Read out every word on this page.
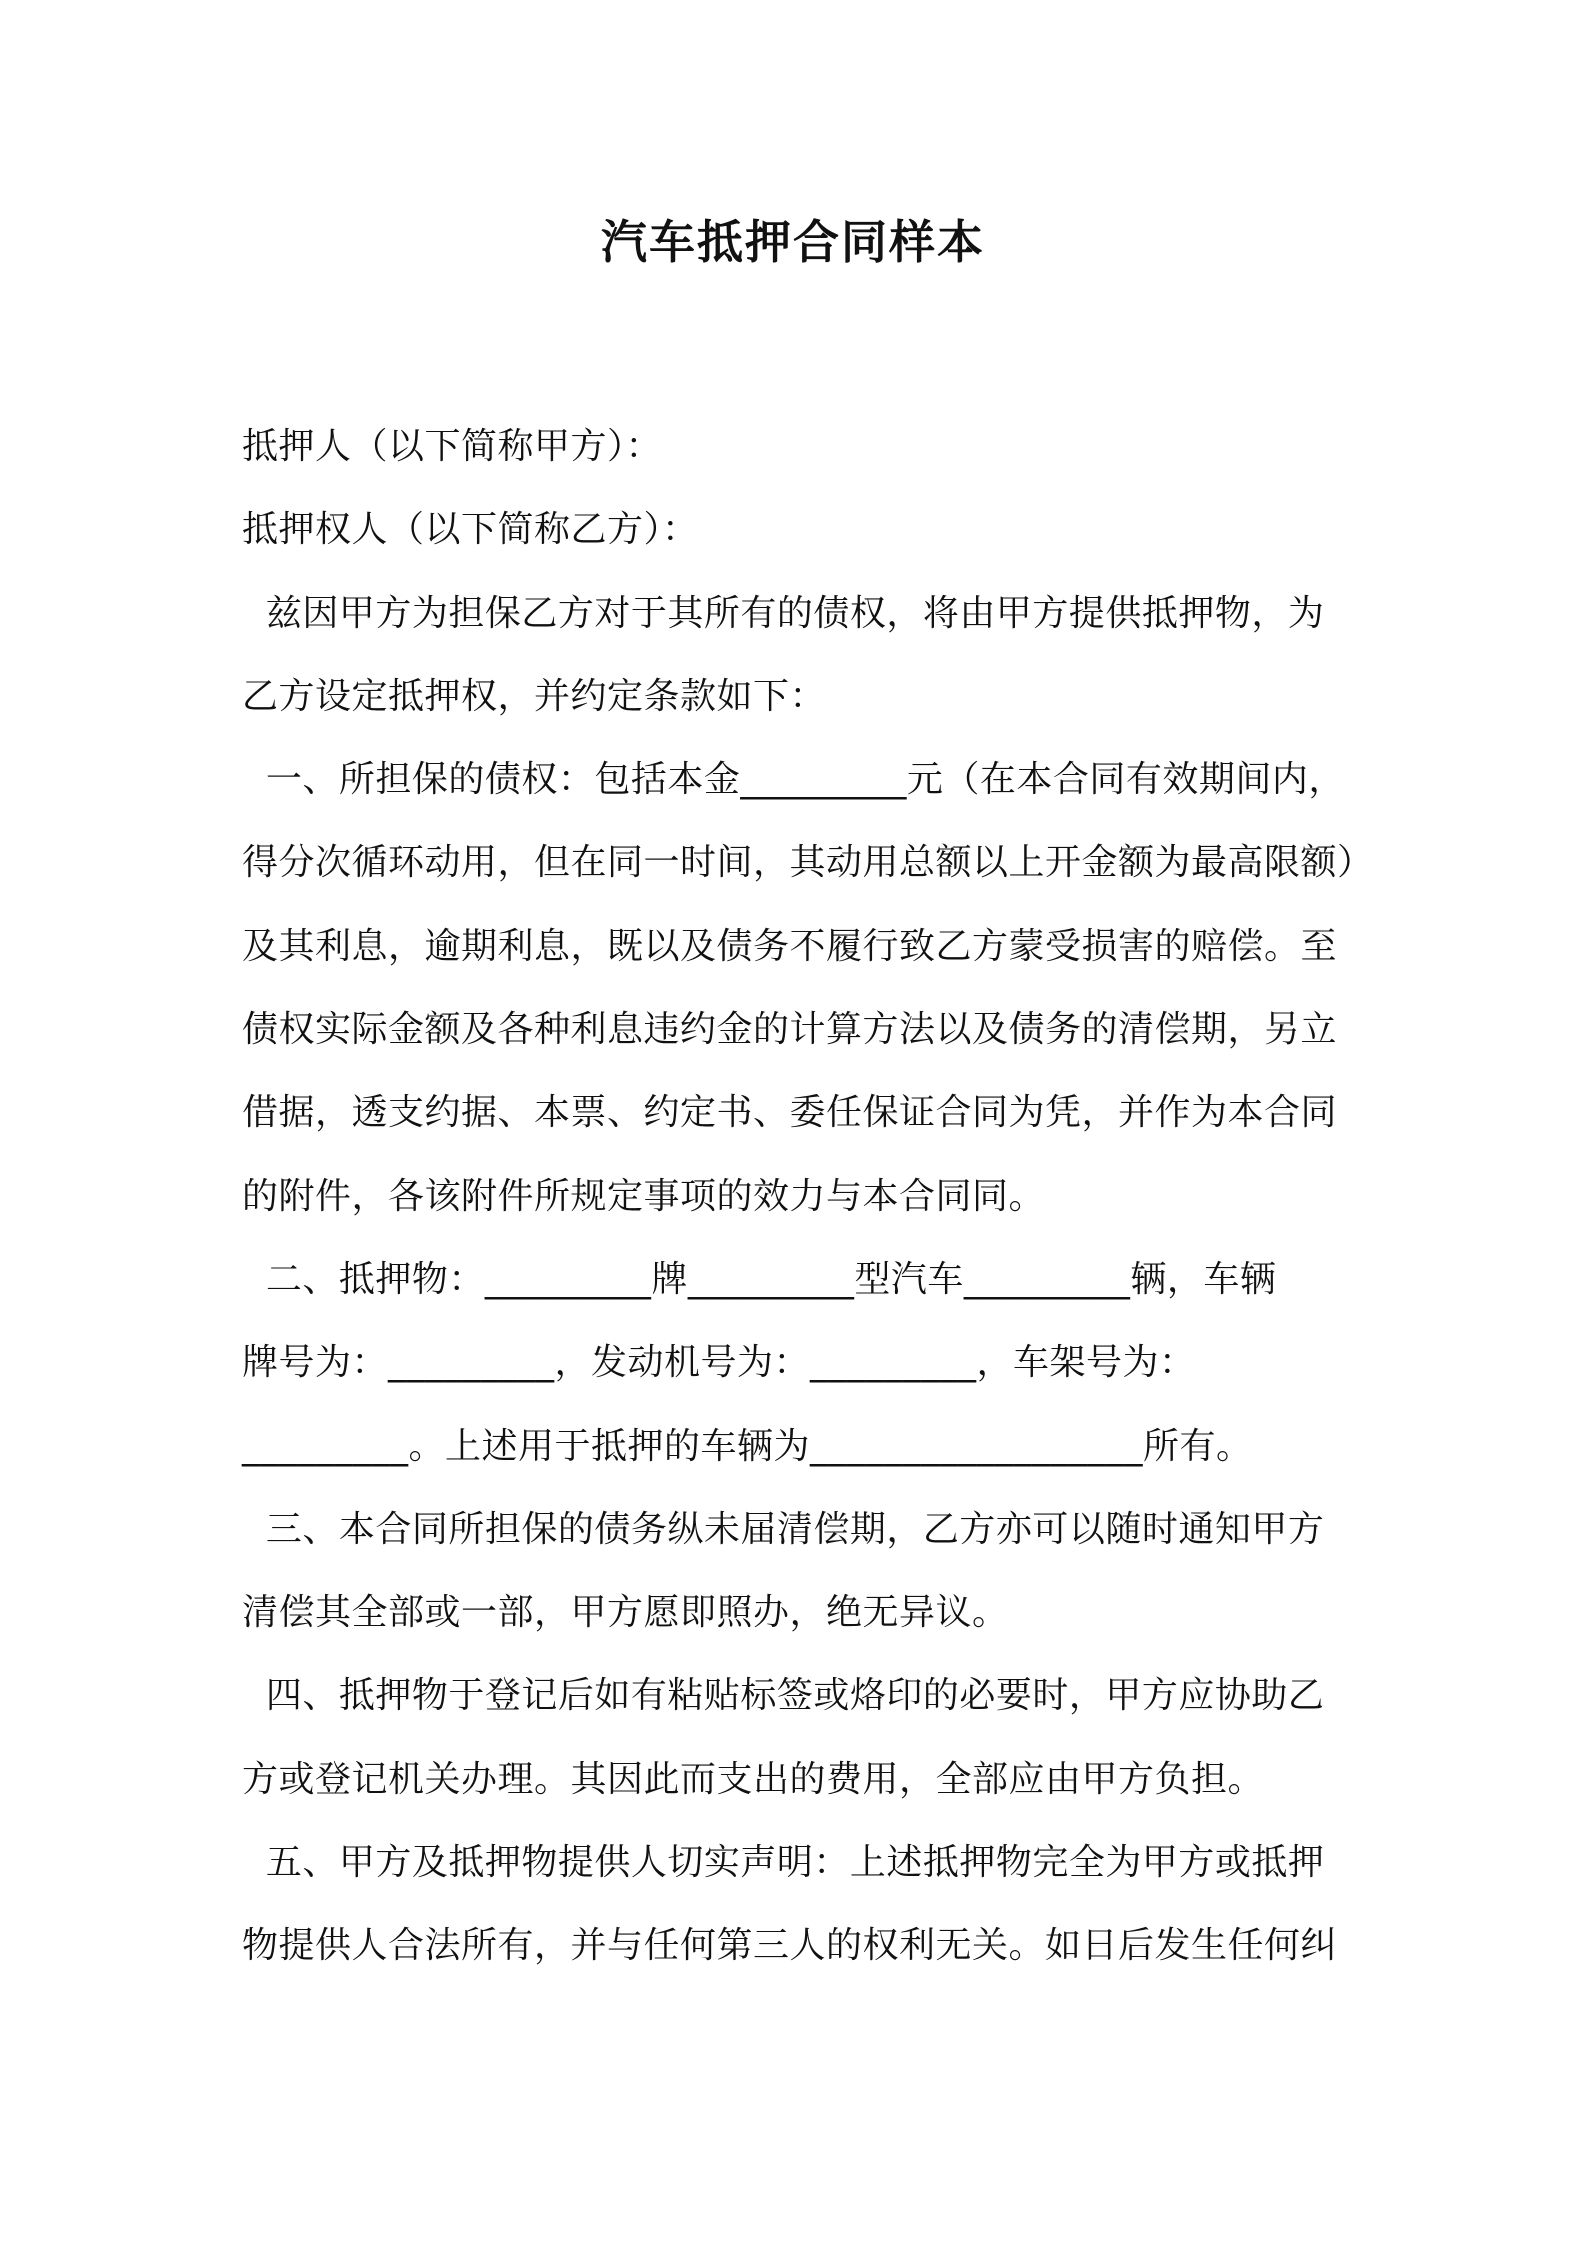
汽车抵押合同样本
抵押人（以下简称甲方）：
抵押权人（以下简称乙方）：
兹因甲方为担保乙方对于其所有的债权，将由甲方提供抵押物，为
乙方设定抵押权，并约定条款如下：
一、所担保的债权：包括本金_________元（在本合同有效期间内，
得分次循环动用，但在同一时间，其动用总额以上开金额为最高限额）
及其利息，逾期利息，既以及债务不履行致乙方蒙受损害的赔偿。至
债权实际金额及各种利息违约金的计算方法以及债务的清偿期，另立
借据，透支约据、本票、约定书、委任保证合同为凭，并作为本合同
的附件，各该附件所规定事项的效力与本合同同。
二、抵押物：_________牌_________型汽车_________辆，车辆
牌号为：_________，发动机号为：_________，车架号为：
_________。上述用于抵押的车辆为__________________所有。
三、本合同所担保的债务纵未届清偿期，乙方亦可以随时通知甲方
清偿其全部或一部，甲方愿即照办，绝无异议。
四、抵押物于登记后如有粘贴标签或烙印的必要时，甲方应协助乙
方或登记机关办理。其因此而支出的费用，全部应由甲方负担。
五、甲方及抵押物提供人切实声明：上述抵押物完全为甲方或抵押
物提供人合法所有，并与任何第三人的权利无关。如日后发生任何纠
